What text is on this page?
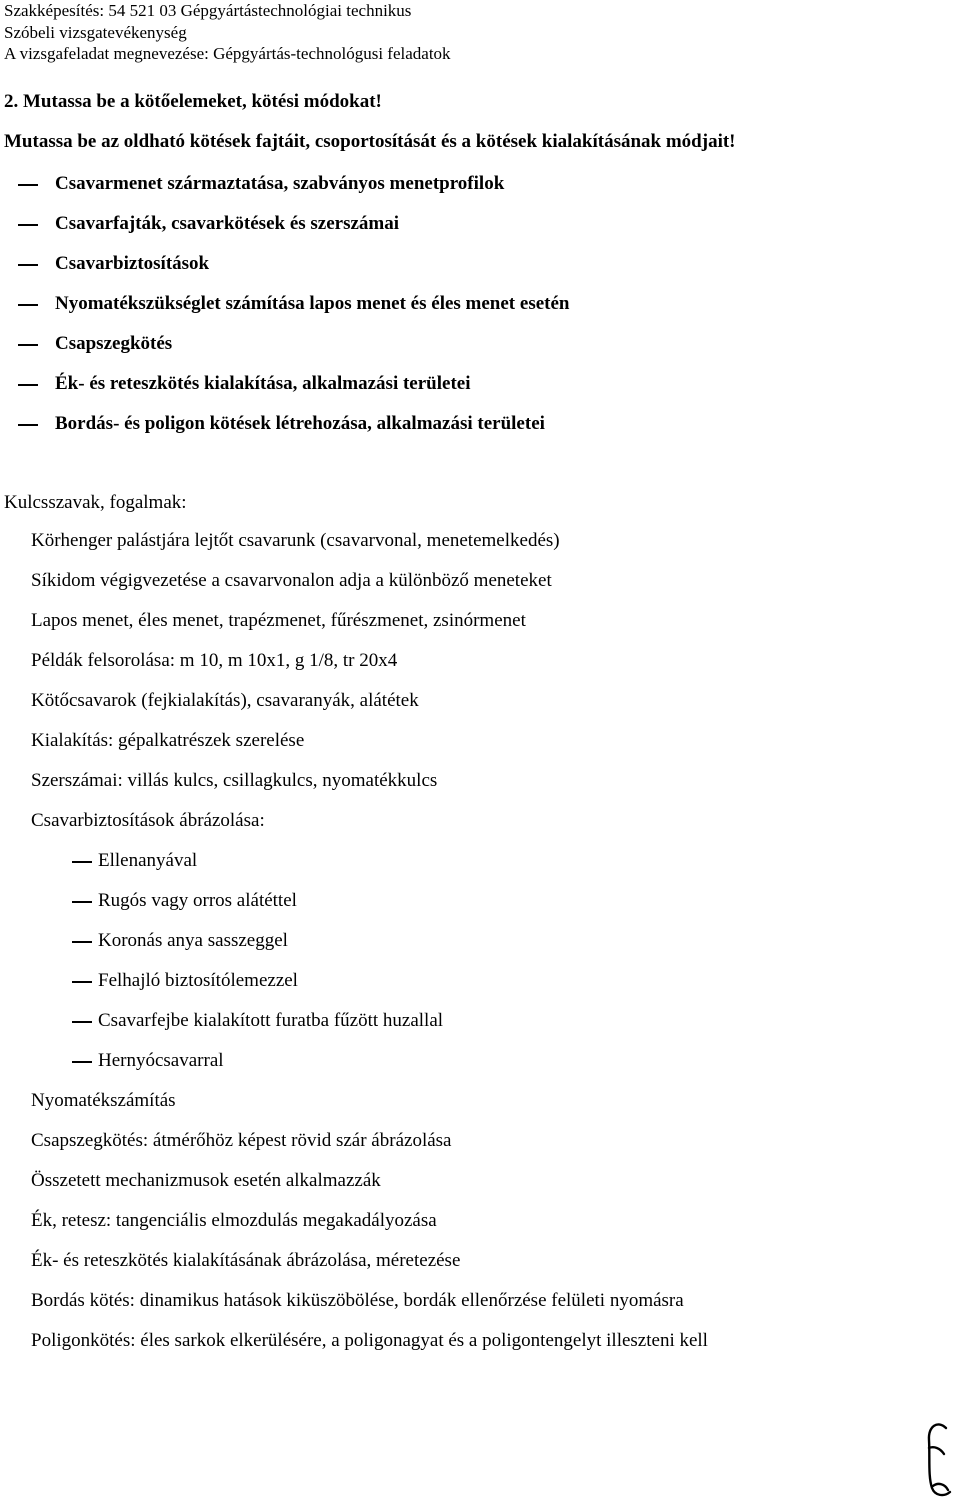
Szakképesítés: 54 521 03 Gépgyártástechnológiai technikus
Szóbeli vizsgatevékenység
A vizsgafeladat megnevezése: Gépgyártás-technológusi feladatok
2. Mutassa be a kötőelemeket, kötési módokat!
Mutassa be az oldható kötések fajtáit, csoportosítását és a kötések kialakításának módjait!
Csavarmenet származtatása, szabványos menetprofilok
Csavarfajták, csavarkötések és szerszámai
Csavarbiztosítások
Nyomatékszükséglet számítása lapos menet és éles menet esetén
Csapszegkötés
Ék- és reteszkötés kialakítása, alkalmazási területei
Bordás- és poligon kötések létrehozása, alkalmazási területei
Kulcsszavak, fogalmak:
Körhenger palástjára lejtőt csavarunk (csavarvonal, menetemelkedés)
Síkidom végigvezetése a csavarvonalon adja a különböző meneteket
Lapos menet, éles menet, trapézmenet, fűrészmenet, zsinórmenet
Példák felsorolása: m 10, m 10x1, g 1/8, tr 20x4
Kötőcsavarok (fejkialakítás), csavaranyák, alátétek
Kialakítás: gépalkatrészek szerelése
Szerszámai: villás kulcs, csillagkulcs, nyomatékkulcs
Csavarbiztosítások ábrázolása:
Ellenanyával
Rugós vagy orros alátéttel
Koronás anya sasszeggel
Felhajló biztosítólemezzel
Csavarfejbe kialakított furatba fűzött huzallal
Hernyócsavarral
Nyomatékszámítás
Csapszegkötés: átmérőhöz képest rövid szár ábrázolása
Összetett mechanizmusok esetén alkalmazzák
Ék, retesz: tangenciális elmozdulás megakadályozása
Ék- és reteszkötés kialakításának ábrázolása, méretezése
Bordás kötés: dinamikus hatások kiküszöbölése, bordák ellenőrzése felületi nyomásra
Poligonkötés: éles sarkok elkerülésére, a poligonagyat és a poligontengelyt illeszteni kell
